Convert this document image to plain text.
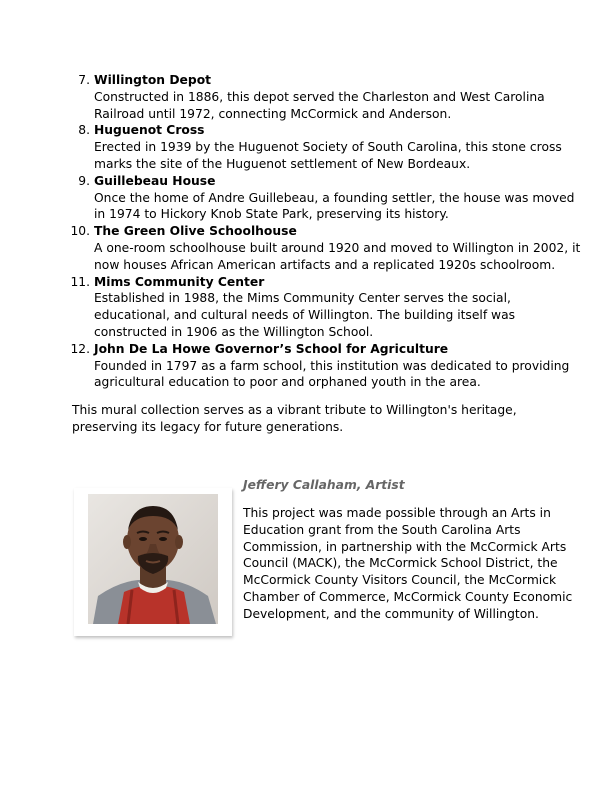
7. Willington Depot
Constructed in 1886, this depot served the Charleston and West Carolina Railroad until 1972, connecting McCormick and Anderson.
8. Huguenot Cross
Erected in 1939 by the Huguenot Society of South Carolina, this stone cross marks the site of the Huguenot settlement of New Bordeaux.
9. Guillebeau House
Once the home of Andre Guillebeau, a founding settler, the house was moved in 1974 to Hickory Knob State Park, preserving its history.
10. The Green Olive Schoolhouse
A one-room schoolhouse built around 1920 and moved to Willington in 2002, it now houses African American artifacts and a replicated 1920s schoolroom.
11. Mims Community Center
Established in 1988, the Mims Community Center serves the social, educational, and cultural needs of Willington. The building itself was constructed in 1906 as the Willington School.
12. John De La Howe Governor’s School for Agriculture
Founded in 1797 as a farm school, this institution was dedicated to providing agricultural education to poor and orphaned youth in the area.

This mural collection serves as a vibrant tribute to Willington's heritage, preserving its legacy for future generations.

Jeffery Callaham, Artist
This project was made possible through an Arts in Education grant from the South Carolina Arts Commission, in partnership with the McCormick Arts Council (MACK), the McCormick School District, the McCormick County Visitors Council, the McCormick Chamber of Commerce, McCormick County Economic Development, and the community of Willington.
